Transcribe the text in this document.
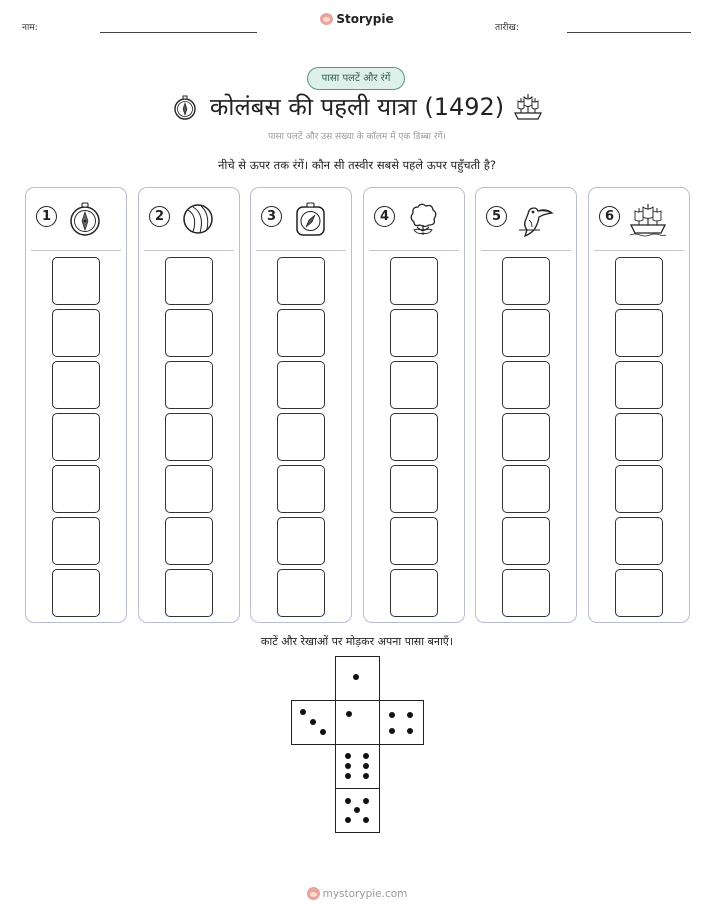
नाम:
Storypie
तारीख:
पासा पलटें और रंगें
कोलंबस की पहली यात्रा (1492)
पासा पलटें और उस संख्या के कॉलम में एक डिब्बा रंगें।
नीचे से ऊपर तक रंगें। कौन सी तस्वीर सबसे पहले ऊपर पहुँचती है?
1	2	3	4	5	6
काटें और रेखाओं पर मोड़कर अपना पासा बनाएँ।
mystorypie.com
